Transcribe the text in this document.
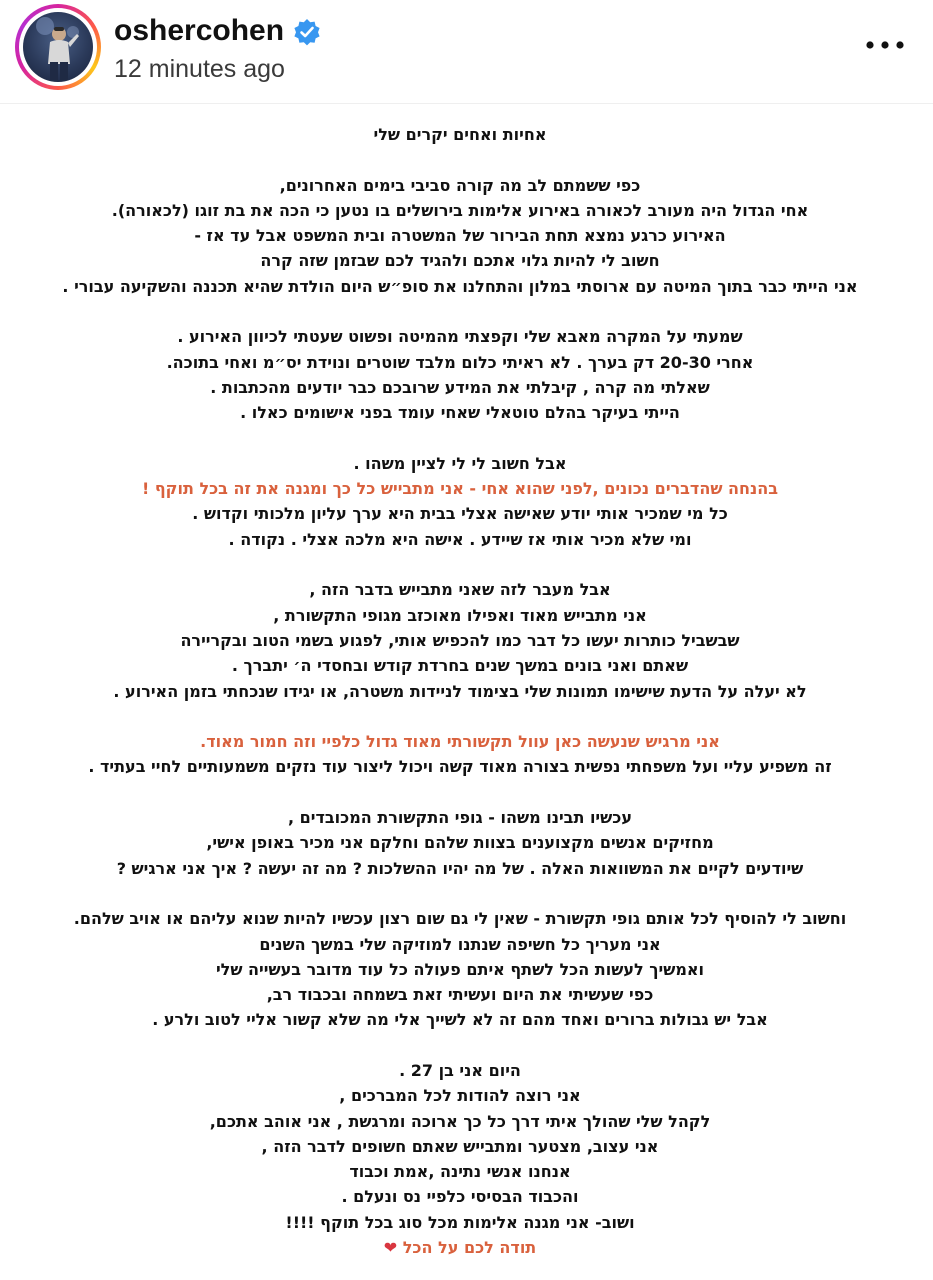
oshercohen
12 minutes ago
אחיות ואחים יקרים שלי
כפי ששמתם לב מה קורה סביבי בימים האחרונים,
אחי הגדול היה מעורב לכאורה באירוע אלימות בירושלים בו נטען כי הכה את בת זוגו (לכאורה).
האירוע כרגע נמצא תחת הבירור של המשטרה ובית המשפט אבל עד אז -
חשוב לי להיות גלוי אתכם ולהגיד לכם שבזמן שזה קרה
אני הייתי כבר בתוך המיטה עם ארוסתי במלון והתחלנו את סופ״ש היום הולדת שהיא תכננה והשקיעה עבורי .
שמעתי על המקרה מאבא שלי וקפצתי מהמיטה ופשוט שעטתי לכיוון האירוע .
אחרי 20-30 דק בערך . לא ראיתי כלום מלבד שוטרים ונוידת יס״מ ואחי בתוכה.
שאלתי מה קרה , קיבלתי את המידע שרובכם כבר יודעים מהכתבות .
הייתי בעיקר בהלם טוטאלי שאחי עומד בפני אישומים כאלו .
אבל חשוב לי לי לציין משהו .
בהנחה שהדברים נכונים ,לפני שהוא אחי - אני מתבייש כל כך ומגנה את זה בכל תוקף !
כל מי שמכיר אותי יודע שאישה אצלי בבית היא ערך עליון מלכותי וקדוש .
ומי שלא מכיר אותי אז שיידע . אישה היא מלכה אצלי . נקודה .
אבל מעבר לזה שאני מתבייש בדבר הזה ,
אני מתבייש מאוד ואפילו מאוכזב מגופי התקשורת ,
שבשביל כותרות יעשו כל דבר כמו להכפיש אותי, לפגוע בשמי הטוב ובקריירה
שאתם ואני בונים במשך שנים בחרדת קודש ובחסדי ה׳ יתברך .
לא יעלה על הדעת שישימו תמונות שלי בצימוד לניידות משטרה, או יגידו שנכחתי בזמן האירוע .
אני מרגיש שנעשה כאן עוול תקשורתי מאוד גדול כלפיי וזה חמור מאוד.
זה משפיע עליי ועל משפחתי נפשית בצורה מאוד קשה ויכול ליצור עוד נזקים משמעותיים לחיי בעתיד .
עכשיו תבינו משהו - גופי התקשורת המכובדים ,
מחזיקים אנשים מקצוענים בצוות שלהם וחלקם אני מכיר באופן אישי,
שיודעים לקיים את המשוואות האלה . של מה יהיו ההשלכות ? מה זה יעשה ? איך אני ארגיש ?
וחשוב לי להוסיף לכל אותם גופי תקשורת - שאין לי גם שום רצון עכשיו להיות שנוא עליהם או אויב שלהם.
אני מעריך כל חשיפה שנתנו למוזיקה שלי במשך השנים
ואמשיך לעשות הכל לשתף איתם פעולה כל עוד מדובר בעשייה שלי
כפי שעשיתי את היום ועשיתי זאת בשמחה ובכבוד רב,
אבל יש גבולות ברורים ואחד מהם זה לא לשייך אלי מה שלא קשור אליי לטוב ולרע .
היום אני בן 27 .
אני רוצה להודות לכל המברכים ,
לקהל שלי שהולך איתי דרך כל כך ארוכה ומרגשת , אני אוהב אתכם,
אני עצוב, מצטער ומתבייש שאתם חשופים לדבר הזה ,
אנחנו אנשי נתינה ,אמת וכבוד
והכבוד הבסיסי כלפיי נס ונעלם .
ושוב- אני מגנה אלימות מכל סוג בכל תוקף !!!!
תודה לכם על הכל ❤
